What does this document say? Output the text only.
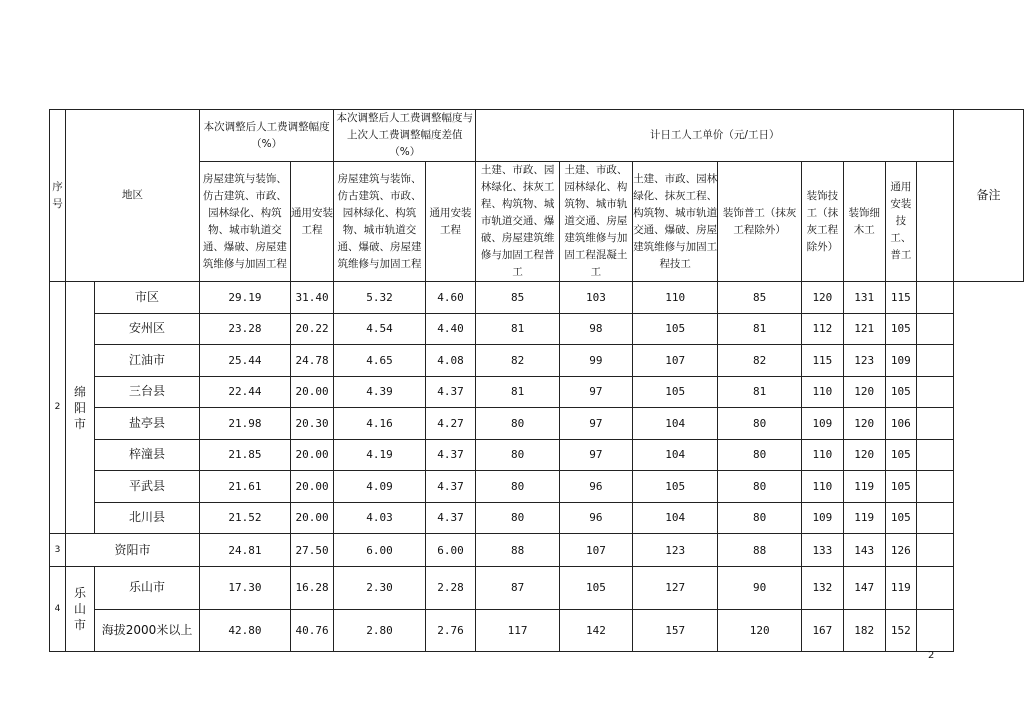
序号	地区		本次调整后人工费调整幅度（%）		本次调整后人工费调整幅度与上次人工费调整幅度差值（%）		计日工人工单价（元/工日）								备注
			房屋建筑与装饰、仿古建筑、市政、园林绿化、构筑物、城市轨道交通、爆破、房屋建筑维修与加固工程	通用安装工程	房屋建筑与装饰、仿古建筑、市政、园林绿化、构筑物、城市轨道交通、爆破、房屋建筑维修与加固工程	通用安装工程	土建、市政、园林绿化、抹灰工程、构筑物、城市轨道交通、爆破、房屋建筑维修与加固工程普工	土建、市政、园林绿化、构筑物、城市轨道交通、房屋建筑维修与加固工程混凝土工	土建、市政、园林绿化、抹灰工程、构筑物、城市轨道交通、爆破、房屋建筑维修与加固工程技工	装饰普工（抹灰工程除外）	装饰技工（抹灰工程除外）	装饰细木工	通用安装技工、普工		
2	绵阳市	市区	29.19	31.40	5.32	4.60	85	103	110	85	120	131	115		
		安州区	23.28	20.22	4.54	4.40	81	98	105	81	112	121	105		
		江油市	25.44	24.78	4.65	4.08	82	99	107	82	115	123	109		
		三台县	22.44	20.00	4.39	4.37	81	97	105	81	110	120	105		
		盐亭县	21.98	20.30	4.16	4.27	80	97	104	80	109	120	106		
		梓潼县	21.85	20.00	4.19	4.37	80	97	104	80	110	120	105		
		平武县	21.61	20.00	4.09	4.37	80	96	105	80	110	119	105		
		北川县	21.52	20.00	4.03	4.37	80	96	104	80	109	119	105		
3	资阳市		24.81	27.50	6.00	6.00	88	107	123	88	133	143	126		
4	乐山市	乐山市	17.30	16.28	2.30	2.28	87	105	127	90	132	147	119		
		海拔2000米以上	42.80	40.76	2.80	2.76	117	142	157	120	167	182	152		
2
